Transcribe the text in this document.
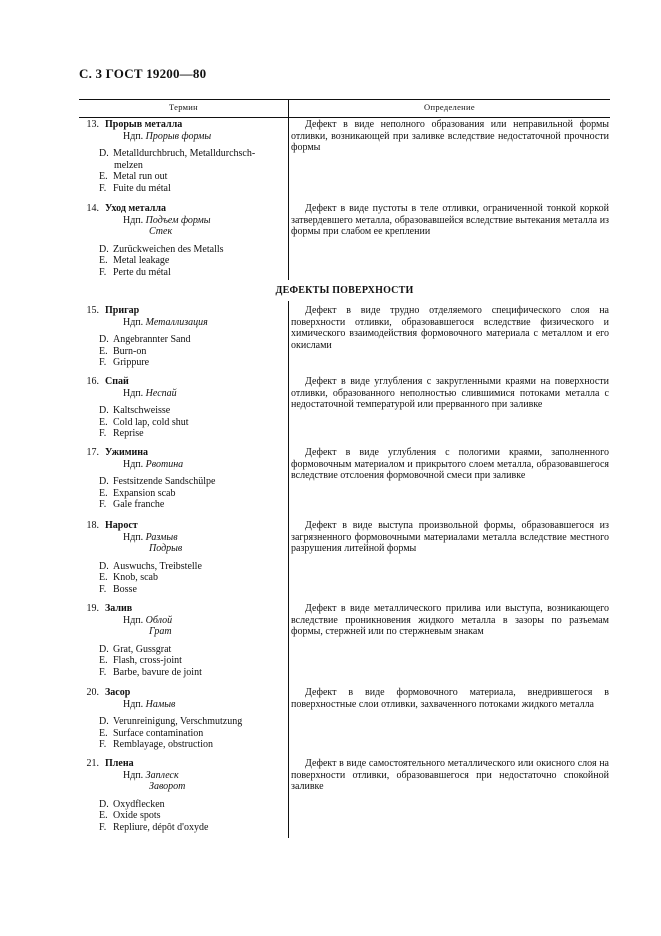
С. 3 ГОСТ 19200—80
Термин	Определение
ДЕФЕКТЫ ПОВЕРХНОСТИ
13. Прорыв металла
Ндп. Прорыв формы
D. Metalldurchbruch, Metalldurchsch-
melzen
E. Metal run out
F. Fuite du métal

Дефект в виде неполного образования или неправильной формы отливки, возникающей при заливке вследствие недостаточной прочности формы

14. Уход металла
Ндп. Подъем формы
Стек
D. Zurückweichen des Metalls
E. Metal leakage
F. Perte du métal

Дефект в виде пустоты в теле отливки, ограниченной тонкой коркой затвердевшего металла, образовавшейся вследствие вытекания металла из формы при слабом ее креплении

15. Пригар
Ндп. Металлизация
D. Angebrannter Sand
E. Burn-on
F. Grippure

Дефект в виде трудно отделяемого специфического слоя на поверхности отливки, образовавшегося вследствие физического и химического взаимодействия формовочного материала с металлом и его окислами

16. Спай
Ндп. Неспай
D. Kaltschweisse
E. Cold lap, cold shut
F. Reprise

Дефект в виде углубления с закругленными краями на поверхности отливки, образованного неполностью слившимися потоками металла с недостаточной температурой или прерванного при заливке

17. Ужимина
Ндп. Рвотина
D. Festsitzende Sandschülpe
E. Expansion scab
F. Gale franche

Дефект в виде углубления с пологими краями, заполненного формовочным материалом и прикрытого слоем металла, образовавшегося вследствие отслоения формовочной смеси при заливке

18. Нарост
Ндп. Размыв
Подрыв
D. Auswuchs, Treibstelle
E. Knob, scab
F. Bosse

Дефект в виде выступа произвольной формы, образовавшегося из загрязненного формовочными материалами металла вследствие местного разрушения литейной формы

19. Залив
Ндп. Облой
Грат
D. Grat, Gussgrat
E. Flash, cross-joint
F. Barbe, bavure de joint

Дефект в виде металлического прилива или выступа, возникающего вследствие проникновения жидкого металла в зазоры по разъемам формы, стержней или по стержневым знакам

20. Засор
Ндп. Намыв
D. Verunreinigung, Verschmutzung
E. Surface contamination
F. Remblayage, obstruction

Дефект в виде формовочного материала, внедрившегося в поверхностные слои отливки, захваченного потоками жидкого металла

21. Плена
Ндп. Заплеск
Заворот
D. Oxydflecken
E. Oxide spots
F. Repliure, dépôt d'oxyde

Дефект в виде самостоятельного металлического или окисного слоя на поверхности отливки, образовавшегося при недостаточно спокойной заливке
